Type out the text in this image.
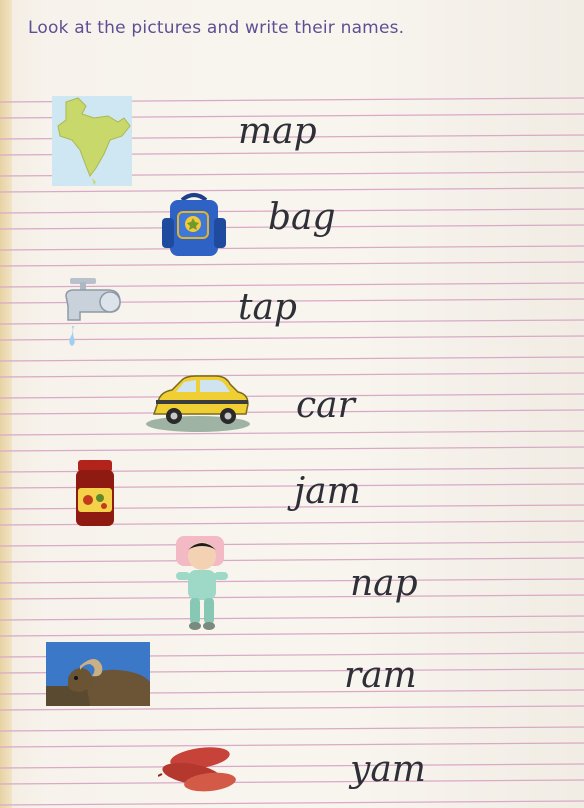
Look at the pictures and write their names.
map
bag
tap
car
jam
nap
ram
yam
